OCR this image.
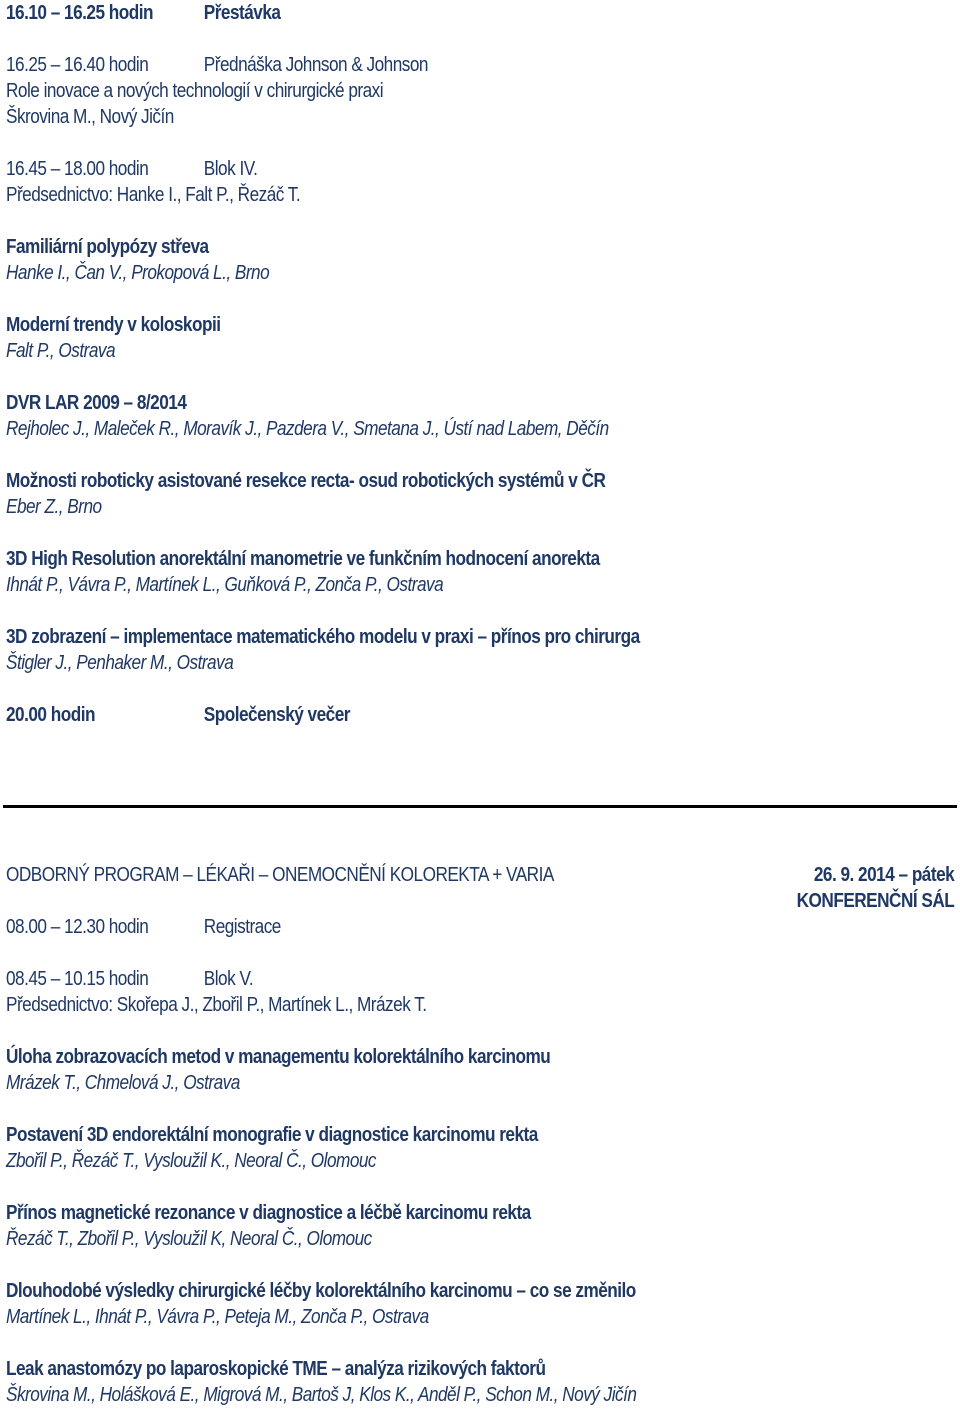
16.10 – 16.25 hodin	Přestávka
16.25 – 16.40 hodin	Přednáška Johnson & Johnson
Role inovace a nových technologií v chirurgické praxi
Škrovina M., Nový Jičín
16.45 – 18.00 hodin	Blok IV.
Předsednictvo: Hanke I., Falt P., Řezáč T.
Familiární polypózy střeva
Hanke I., Čan V., Prokopová L., Brno
Moderní trendy v koloskopii
Falt P., Ostrava
DVR LAR 2009 – 8/2014
Rejholec J., Maleček R., Moravík J., Pazdera V., Smetana J., Ústí nad Labem, Děčín
Možnosti roboticky asistované resekce recta- osud robotických systémů v ČR
Eber Z., Brno
3D High Resolution anorektální manometrie ve funkčním hodnocení anorekta
Ihnát P., Vávra P., Martínek L., Guňková P., Zonča P., Ostrava
3D zobrazení – implementace matematického modelu v praxi – přínos pro chirurga
Štigler J., Penhaker M., Ostrava
20.00 hodin	Společenský večer
ODBORNÝ PROGRAM – LÉKAŘI – ONEMOCNĚNÍ KOLOREKTA + VARIA	26. 9. 2014 – pátek
KONFERENČNÍ SÁL
08.00 – 12.30 hodin	Registrace
08.45 – 10.15 hodin	Blok V.
Předsednictvo: Skořepa J., Zbořil P., Martínek L., Mrázek T.
Úloha zobrazovacích metod v managementu kolorektálního karcinomu
Mrázek T., Chmelová J., Ostrava
Postavení 3D endorektální monografie v diagnostice karcinomu rekta
Zbořil P., Řezáč T., Vysloužil K., Neoral Č., Olomouc
Přínos magnetické rezonance v diagnostice a léčbě karcinomu rekta
Řezáč T., Zbořil P., Vysloužil K, Neoral Č., Olomouc
Dlouhodobé výsledky chirurgické léčby kolorektálního karcinomu – co se změnilo
Martínek L., Ihnát P., Vávra P., Peteja M., Zonča P., Ostrava
Leak anastomózy po laparoskopické TME – analýza rizikových faktorů
Škrovina M., Holášková E., Migrová M., Bartoš J, Klos K., Anděl P., Schon M., Nový Jičín
